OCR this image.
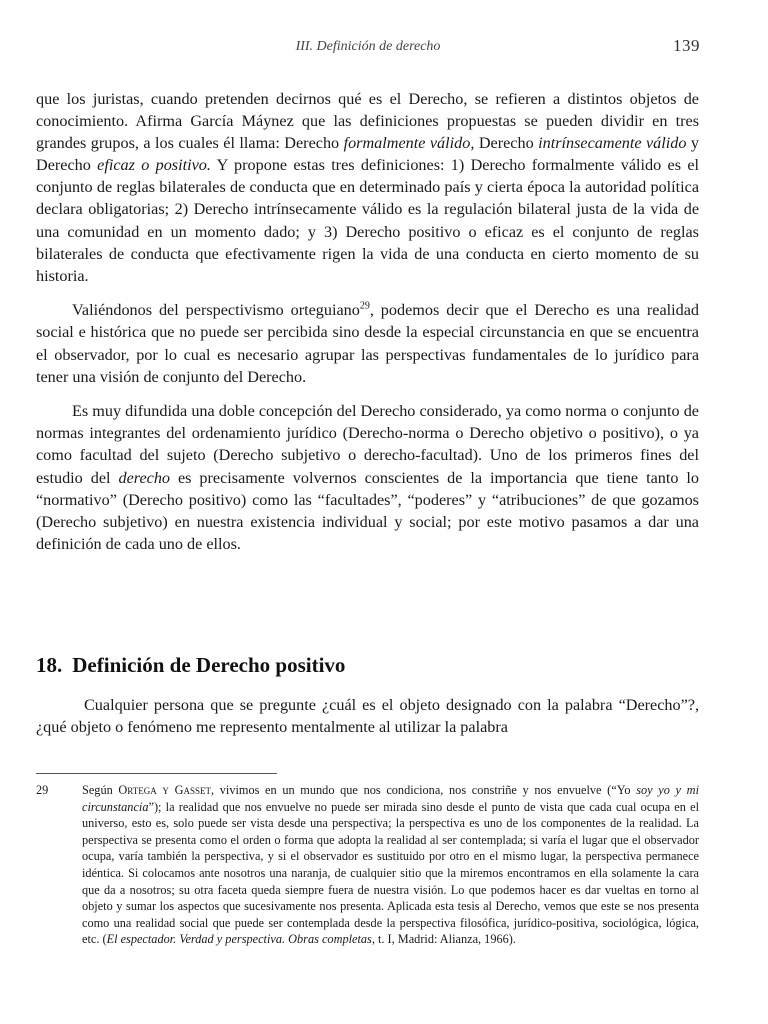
III. Definición de derecho	139

que los juristas, cuando pretenden decirnos qué es el Derecho, se refieren a distintos objetos de conocimiento. Afirma García Máynez que las definiciones propuestas se pueden dividir en tres grandes grupos, a los cuales él llama: Derecho formalmente válido, Derecho intrínsecamente válido y Derecho eficaz o positivo. Y propone estas tres definiciones: 1) Derecho formalmente válido es el conjunto de reglas bilaterales de conducta que en determinado país y cierta época la autoridad política declara obligatorias; 2) Derecho intrínsecamente válido es la regulación bilateral justa de la vida de una comunidad en un momento dado; y 3) Derecho positivo o eficaz es el conjunto de reglas bilaterales de conducta que efectivamente rigen la vida de una conducta en cierto momento de su historia.

Valiéndonos del perspectivismo orteguiano$^{29}$, podemos decir que el Derecho es una realidad social e histórica que no puede ser percibida sino desde la especial circunstancia en que se encuentra el observador, por lo cual es necesario agrupar las perspectivas fundamentales de lo jurídico para tener una visión de conjunto del Derecho.

Es muy difundida una doble concepción del Derecho considerado, ya como norma o conjunto de normas integrantes del ordenamiento jurídico (Derecho-norma o Derecho objetivo o positivo), o ya como facultad del sujeto (Derecho subjetivo o derecho-facultad). Uno de los primeros fines del estudio del derecho es precisamente volvernos conscientes de la importancia que tiene tanto lo “normativo” (Derecho positivo) como las “facultades”, “poderes” y “atribuciones” de que gozamos (Derecho subjetivo) en nuestra existencia individual y social; por este motivo pasamos a dar una definición de cada uno de ellos.

18. Definición de Derecho positivo

Cualquier persona que se pregunte ¿cuál es el objeto designado con la palabra “Derecho”?, ¿qué objeto o fenómeno me represento mentalmente al utilizar la palabra

29	Según Ortega y Gasset, vivimos en un mundo que nos condiciona, nos constriñe y nos envuelve (“Yo soy yo y mi circunstancia”); la realidad que nos envuelve no puede ser mirada sino desde el punto de vista que cada cual ocupa en el universo, esto es, solo puede ser vista desde una perspectiva; la perspectiva es uno de los componentes de la realidad. La perspectiva se presenta como el orden o forma que adopta la realidad al ser contemplada; si varía el lugar que el observador ocupa, varía también la perspectiva, y si el observador es sustituido por otro en el mismo lugar, la perspectiva permanece idéntica. Si colocamos ante nosotros una naranja, de cualquier sitio que la miremos encontramos en ella solamente la cara que da a nosotros; su otra faceta queda siempre fuera de nuestra visión. Lo que podemos hacer es dar vueltas en torno al objeto y sumar los aspectos que sucesivamente nos presenta. Aplicada esta tesis al Derecho, vemos que este se nos presenta como una realidad social que puede ser contemplada desde la perspectiva filosófica, jurídico-positiva, sociológica, lógica, etc. (El espectador. Verdad y perspectiva. Obras completas, t. I, Madrid: Alianza, 1966).
